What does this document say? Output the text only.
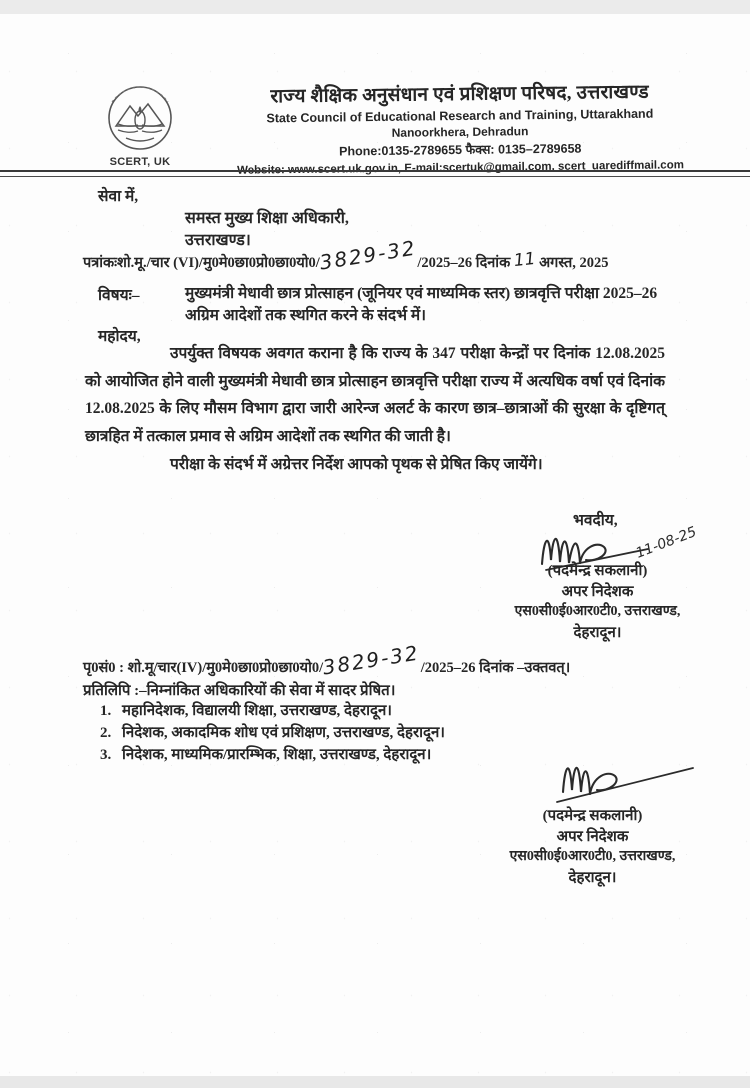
SCERT, UK
राज्य शैक्षिक अनुसंधान एवं प्रशिक्षण परिषद, उत्तराखण्ड
State Council of Educational Research and Training, Uttarakhand
Nanoorkhera, Dehradun
Phone:0135-2789655 फैक्स: 0135–2789658
Website: www.scert.uk.gov.in, E-mail:scertuk@gmail.com, scert_uarediffmail.com
सेवा में,
समस्त मुख्य शिक्षा अधिकारी,
उत्तराखण्ड।
पत्रांकःशो.मू./चार (VI)/मु0मे0छा0प्रो0छा0यो0/3829-32/2025–26 दिनांक 11 अगस्त, 2025
विषयः–	मुख्यमंत्री मेधावी छात्र प्रोत्साहन (जूनियर एवं माध्यमिक स्तर) छात्रवृत्ति परीक्षा 2025–26
अग्रिम आदेशों तक स्थगित करने के संदर्भ में।
महोदय,
उपर्युक्त विषयक अवगत कराना है कि राज्य के 347 परीक्षा केन्द्रों पर दिनांक 12.08.2025 को आयोजित होने वाली मुख्यमंत्री मेधावी छात्र प्रोत्साहन छात्रवृत्ति परीक्षा राज्य में अत्यधिक वर्षा एवं दिनांक 12.08.2025 के लिए मौसम विभाग द्वारा जारी आरेन्ज अलर्ट के कारण छात्र–छात्राओं की सुरक्षा के दृष्टिगत् छात्रहित में तत्काल प्रमाव से अग्रिम आदेशों तक स्थगित की जाती है।
परीक्षा के संदर्भ में अग्रेत्तर निर्देश आपको पृथक से प्रेषित किए जायेंगे।
भवदीय,
11-08-25
(पदमेन्द्र सकलानी)
अपर निदेशक
एस0सी0ई0आर0टी0, उत्तराखण्ड,
देहरादून।
पृ0सं0 : शो.मू/चार(IV)/मु0मे0छा0प्रो0छा0यो0/3829-32/2025–26 दिनांक –उक्तवत्।
प्रतिलिपि :–निम्नांकित अधिकारियों की सेवा में सादर प्रेषित।
1. महानिदेशक, विद्यालयी शिक्षा, उत्तराखण्ड, देहरादून।
2. निदेशक, अकादमिक शोध एवं प्रशिक्षण, उत्तराखण्ड, देहरादून।
3. निदेशक, माध्यमिक/प्रारम्भिक, शिक्षा, उत्तराखण्ड, देहरादून।
(पदमेन्द्र सकलानी)
अपर निदेशक
एस0सी0ई0आर0टी0, उत्तराखण्ड,
देहरादून।
